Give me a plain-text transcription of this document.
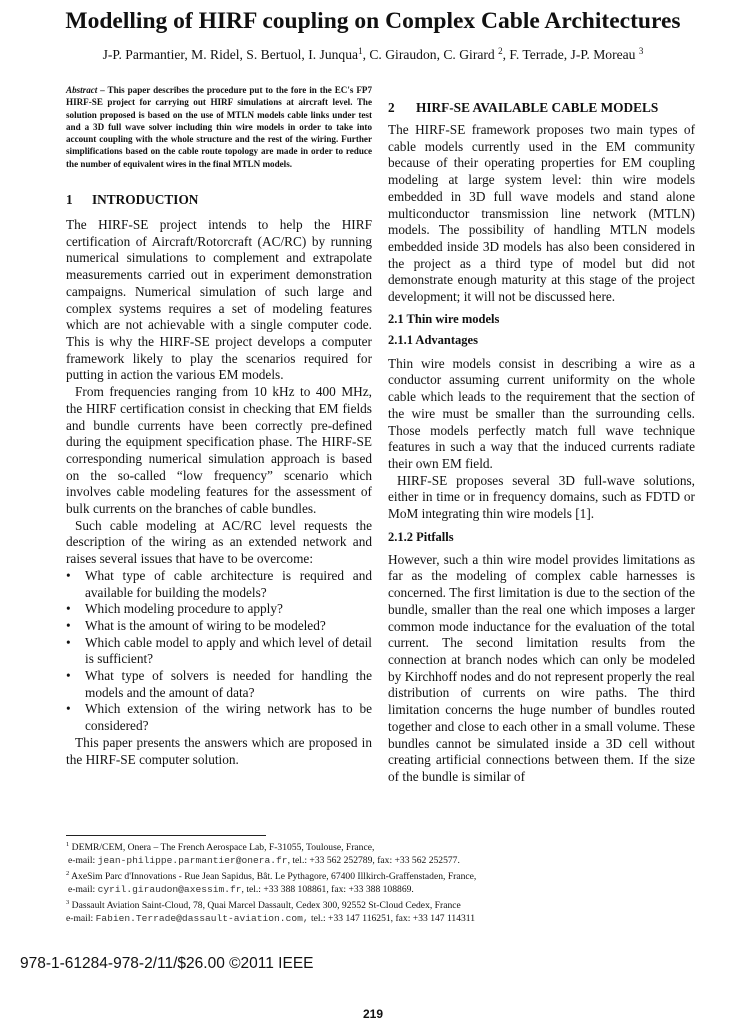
Modelling of HIRF coupling on Complex Cable Architectures
J-P. Parmantier, M. Ridel, S. Bertuol, I. Junqua$^1$, C. Giraudon, C. Girard $^2$, F. Terrade, J-P. Moreau $^3$
Abstract – This paper describes the procedure put to the fore in the EC's FP7 HIRF-SE project for carrying out HIRF simulations at aircraft level. The solution proposed is based on the use of MTLN models cable links under test and a 3D full wave solver including thin wire models in order to take into account coupling with the whole structure and the rest of the wiring. Further simplifications based on the cable route topology are made in order to reduce the number of equivalent wires in the final MTLN models.
1 INTRODUCTION

The HIRF-SE project intends to help the HIRF certification of Aircraft/Rotorcraft (AC/RC) by running numerical simulations to complement and extrapolate measurements carried out in experiment demonstration campaigns. Numerical simulation of such large and complex systems requires a set of modeling features which are not achievable with a single computer code. This is why the HIRF-SE project develops a computer framework likely to play the scenarios required for putting in action the various EM models.

From frequencies ranging from 10 kHz to 400 MHz, the HIRF certification consist in checking that EM fields and bundle currents have been correctly pre-defined during the equipment specification phase. The HIRF-SE corresponding numerical simulation approach is based on the so-called “low frequency” scenario which involves cable modeling features for the assessment of bulk currents on the branches of cable bundles.

Such cable modeling at AC/RC level requests the description of the wiring as an extended network and raises several issues that have to be overcome:

• What type of cable architecture is required and available for building the models?
• Which modeling procedure to apply?
• What is the amount of wiring to be modeled?
• Which cable model to apply and which level of detail is sufficient?
• What type of solvers is needed for handling the models and the amount of data?
• Which extension of the wiring network has to be considered?

This paper presents the answers which are proposed in the HIRF-SE computer solution.

2 HIRF-SE AVAILABLE CABLE MODELS

The HIRF-SE framework proposes two main types of cable models currently used in the EM community because of their operating properties for EM coupling modeling at large system level: thin wire models embedded in 3D full wave models and stand alone multiconductor transmission line network (MTLN) models. The possibility of handling MTLN models embedded inside 3D models has also been considered in the project as a third type of model but did not demonstrate enough maturity at this stage of the project development; it will not be discussed here.

2.1 Thin wire models
2.1.1 Advantages

Thin wire models consist in describing a wire as a conductor assuming current uniformity on the whole cable which leads to the requirement that the section of the wire must be smaller than the surrounding cells. Those models perfectly match full wave technique features in such a way that the induced currents radiate their own EM field.

HIRF-SE proposes several 3D full-wave solutions, either in time or in frequency domains, such as FDTD or MoM integrating thin wire models [1].

2.1.2 Pitfalls

However, such a thin wire model provides limitations as far as the modeling of complex cable harnesses is concerned. The first limitation is due to the section of the bundle, smaller than the real one which imposes a larger common mode inductance for the evaluation of the total current. The second limitation results from the connection at branch nodes which can only be modeled by Kirchhoff nodes and do not represent properly the real distribution of currents on wire paths. The third limitation concerns the huge number of bundles routed together and close to each other in a small volume. These bundles cannot be simulated inside a 3D cell without creating artificial connections between them. If the size of the bundle is similar of

$^1$ DEMR/CEM, Onera – The French Aerospace Lab, F-31055, Toulouse, France,
e-mail: jean-philippe.parmantier@onera.fr, tel.: +33 562 252789, fax: +33 562 252577.
$^2$ AxeSim Parc d'Innovations - Rue Jean Sapidus, Bât. Le Pythagore, 67400 Illkirch-Graffenstaden, France,
e-mail: cyril.giraudon@axessim.fr, tel.: +33 388 108861, fax: +33 388 108869.
$^3$ Dassault Aviation Saint-Cloud, 78, Quai Marcel Dassault, Cedex 300, 92552 St-Cloud Cedex, France
e-mail: Fabien.Terrade@dassault-aviation.com, tel.: +33 147 116251, fax: +33 147 114311
978-1-61284-978-2/11/$26.00 ©2011 IEEE
219
